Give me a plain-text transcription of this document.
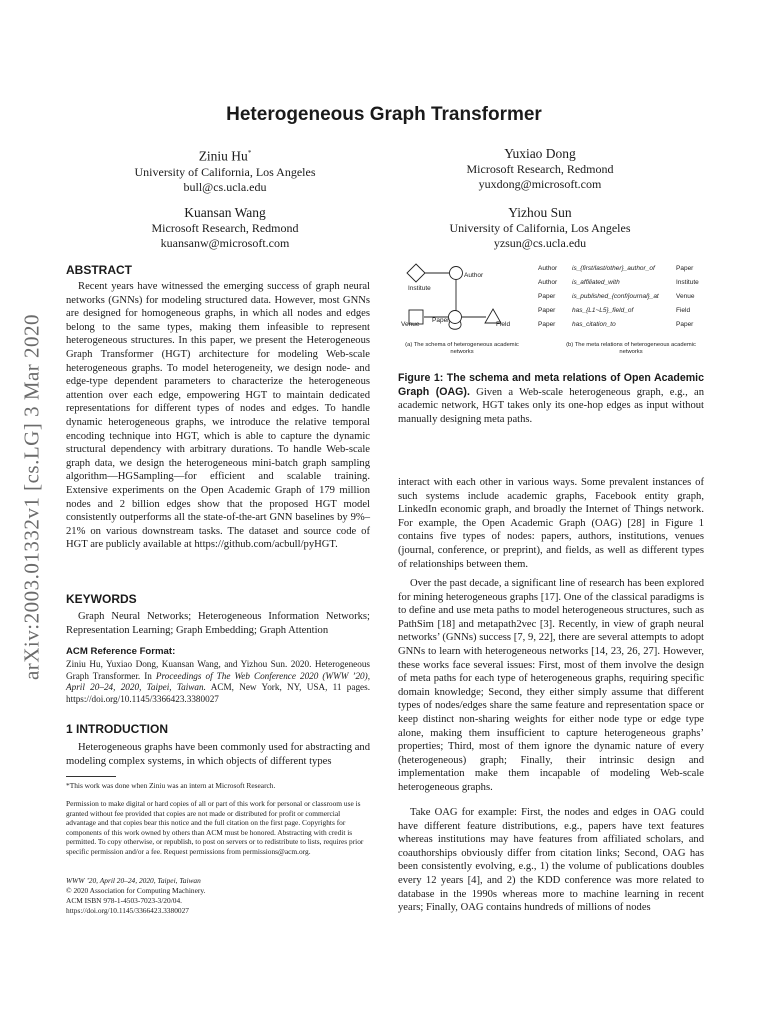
arXiv:2003.01332v1 [cs.LG] 3 Mar 2020
Heterogeneous Graph Transformer
Ziniu Hu*
University of California, Los Angeles
bull@cs.ucla.edu
Yuxiao Dong
Microsoft Research, Redmond
yuxdong@microsoft.com
Kuansan Wang
Microsoft Research, Redmond
kuansanw@microsoft.com
Yizhou Sun
University of California, Los Angeles
yzsun@cs.ucla.edu
ABSTRACT

Recent years have witnessed the emerging success of graph neural networks (GNNs) for modeling structured data. However, most GNNs are designed for homogeneous graphs, in which all nodes and edges belong to the same types, making them infeasible to represent heterogeneous structures. In this paper, we present the Heterogeneous Graph Transformer (HGT) architecture for modeling Web-scale heterogeneous graphs. To model heterogeneity, we design node- and edge-type dependent parameters to characterize the heterogeneous attention over each edge, empowering HGT to maintain dedicated representations for different types of nodes and edges. To handle dynamic heterogeneous graphs, we introduce the relative temporal encoding technique into HGT, which is able to capture the dynamic structural dependency with arbitrary durations. To handle Web-scale graph data, we design the heterogeneous mini-batch graph sampling algorithm—HGSampling—for efficient and scalable training. Extensive experiments on the Open Academic Graph of 179 million nodes and 2 billion edges show that the proposed HGT model consistently outperforms all the state-of-the-art GNN baselines by 9%–21% on various downstream tasks. The dataset and source code of HGT are publicly available at https://github.com/acbull/pyHGT.

KEYWORDS

Graph Neural Networks; Heterogeneous Information Networks; Representation Learning; Graph Embedding; Graph Attention

ACM Reference Format:

Ziniu Hu, Yuxiao Dong, Kuansan Wang, and Yizhou Sun. 2020. Heterogeneous Graph Transformer. In Proceedings of The Web Conference 2020 (WWW ’20), April 20–24, 2020, Taipei, Taiwan. ACM, New York, NY, USA, 11 pages. https://doi.org/10.1145/3366423.3380027

1 INTRODUCTION

Heterogeneous graphs have been commonly used for abstracting and modeling complex systems, in which objects of different types

*This work was done when Ziniu was an intern at Microsoft Research.

Permission to make digital or hard copies of all or part of this work for personal or classroom use is granted without fee provided that copies are not made or distributed for profit or commercial advantage and that copies bear this notice and the full citation on the first page. Copyrights for components of this work owned by others than ACM must be honored. Abstracting with credit is permitted. To copy otherwise, or republish, to post on servers or to redistribute to lists, requires prior specific permission and/or a fee. Request permissions from permissions@acm.org.

WWW ’20, April 20–24, 2020, Taipei, Taiwan

© 2020 Association for Computing Machinery.

ACM ISBN 978-1-4503-7023-3/20/04.

https://doi.org/10.1145/3366423.3380027

Author
Institute
Venue
Paper
Field
(a) The schema of heterogeneous academic networks
(b) The meta relations of heterogeneous academic networks
Author is_{first/last/other}_author_of	Paper
Author is_affiliated_with	Institute
Paper	is_published_{conf/journal}_at	Venue
Paper	has_{L1~L5}_field_of	Field
Paper	has_citation_to	Paper

Figure 1: The schema and meta relations of Open Academic Graph (OAG). Given a Web-scale heterogeneous graph, e.g., an academic network, HGT takes only its one-hop edges as input without manually designing meta paths.

interact with each other in various ways. Some prevalent instances of such systems include academic graphs, Facebook entity graph, LinkedIn economic graph, and broadly the Internet of Things network. For example, the Open Academic Graph (OAG) [28] in Figure 1 contains five types of nodes: papers, authors, institutions, venues (journal, conference, or preprint), and fields, as well as different types of relationships between them.

Over the past decade, a significant line of research has been explored for mining heterogeneous graphs [17]. One of the classical paradigms is to define and use meta paths to model heterogeneous structures, such as PathSim [18] and metapath2vec [3]. Recently, in view of graph neural networks’ (GNNs) success [7, 9, 22], there are several attempts to adopt GNNs to learn with heterogeneous networks [14, 23, 26, 27]. However, these works face several issues: First, most of them involve the design of meta paths for each type of heterogeneous graphs, requiring specific domain knowledge; Second, they either simply assume that different types of nodes/edges share the same feature and representation space or keep distinct non-sharing weights for either node type or edge type alone, making them insufficient to capture heterogeneous graphs’ properties; Third, most of them ignore the dynamic nature of every (heterogeneous) graph; Finally, their intrinsic design and implementation make them incapable of modeling Web-scale heterogeneous graphs.

Take OAG for example: First, the nodes and edges in OAG could have different feature distributions, e.g., papers have text features whereas institutions may have features from affiliated scholars, and coauthorships obviously differ from citation links; Second, OAG has been consistently evolving, e.g., 1) the volume of publications doubles every 12 years [4], and 2) the KDD conference was more related to database in the 1990s whereas more to machine learning in recent years; Finally, OAG contains hundreds of millions of nodes
